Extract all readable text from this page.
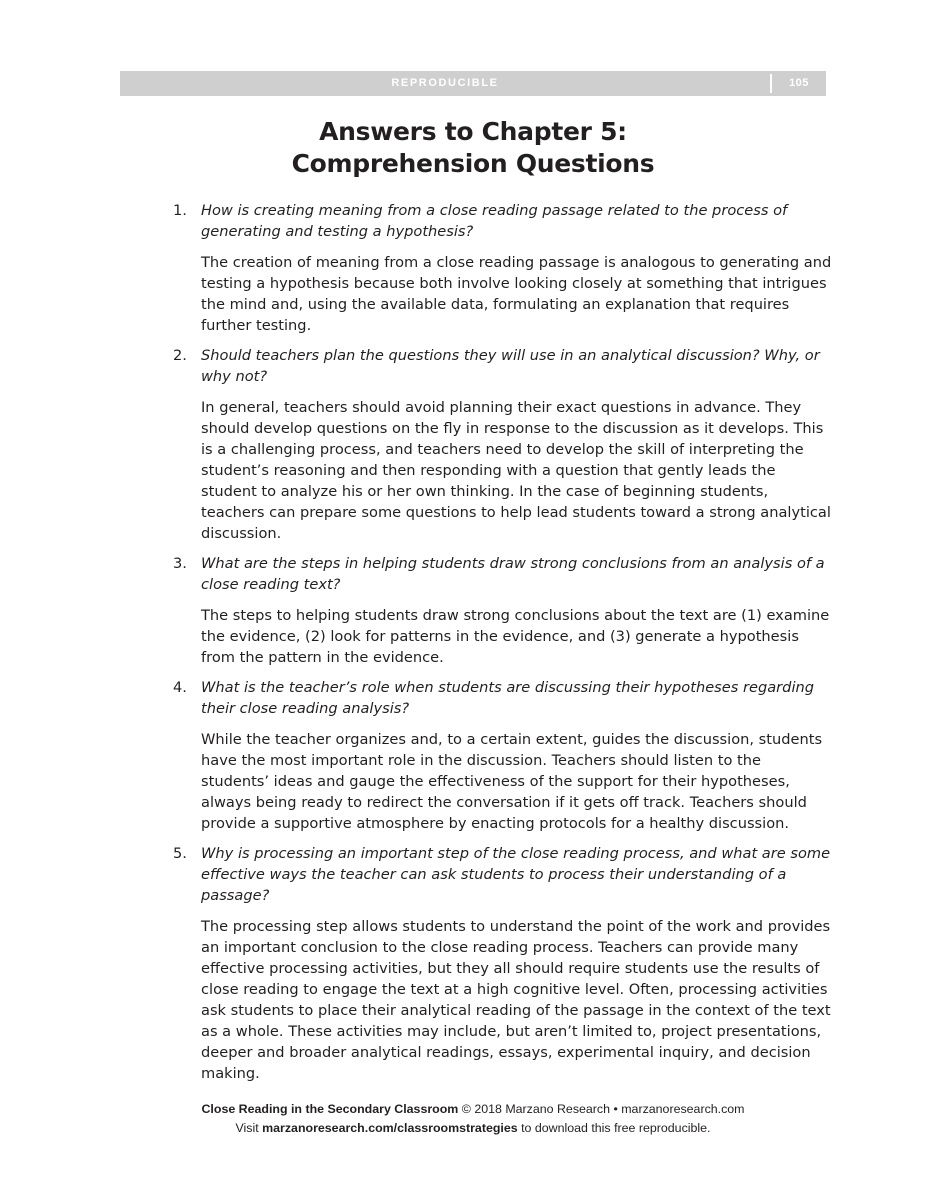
REPRODUCIBLE	105
Answers to Chapter 5:
Comprehension Questions
1. How is creating meaning from a close reading passage related to the process of generating and testing a hypothesis?

The creation of meaning from a close reading passage is analogous to generating and testing a hypothesis because both involve looking closely at something that intrigues the mind and, using the available data, formulating an explanation that requires further testing.

2. Should teachers plan the questions they will use in an analytical discussion? Why, or why not?

In general, teachers should avoid planning their exact questions in advance. They should develop questions on the fly in response to the discussion as it develops. This is a challenging process, and teachers need to develop the skill of interpreting the student’s reasoning and then responding with a question that gently leads the student to analyze his or her own thinking. In the case of beginning students, teachers can prepare some questions to help lead students toward a strong analytical discussion.

3. What are the steps in helping students draw strong conclusions from an analysis of a close reading text?

The steps to helping students draw strong conclusions about the text are (1) examine the evidence, (2) look for patterns in the evidence, and (3) generate a hypothesis from the pattern in the evidence.

4. What is the teacher’s role when students are discussing their hypotheses regarding their close reading analysis?

While the teacher organizes and, to a certain extent, guides the discussion, students have the most important role in the discussion. Teachers should listen to the students’ ideas and gauge the effectiveness of the support for their hypotheses, always being ready to redirect the conversation if it gets off track. Teachers should provide a supportive atmosphere by enacting protocols for a healthy discussion.

5. Why is processing an important step of the close reading process, and what are some effective ways the teacher can ask students to process their understanding of a passage?

The processing step allows students to understand the point of the work and provides an important conclusion to the close reading process. Teachers can provide many effective processing activities, but they all should require students use the results of close reading to engage the text at a high cognitive level. Often, processing activities ask students to place their analytical reading of the passage in the context of the text as a whole. These activities may include, but aren’t limited to, project presentations, deeper and broader analytical readings, essays, experimental inquiry, and decision making.

Close Reading in the Secondary Classroom © 2018 Marzano Research • marzanoresearch.com
Visit marzanoresearch.com/classroomstrategies to download this free reproducible.
